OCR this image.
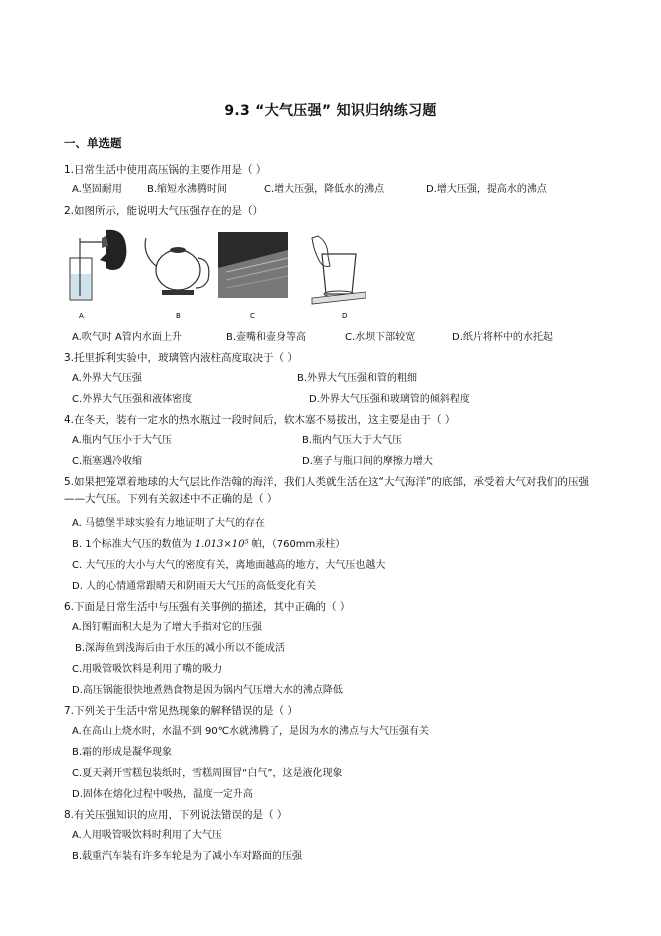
9.3 “大气压强” 知识归纳练习题
一、单选题
1.日常生活中使用高压锅的主要作用是（ ）
A.坚固耐用	B.缩短水沸腾时间	C.增大压强，降低水的沸点	D.增大压强，提高水的沸点
2.如图所示，能说明大气压强存在的是（）
A	B	C	D
A.吹气时 A管内水面上升	B.壶嘴和壶身等高	C.水坝下部较宽	D.纸片将杯中的水托起
3.托里拆利实验中，玻璃管内液柱高度取决于（ ）
A.外界大气压强	B.外界大气压强和管的粗细
C.外界大气压强和液体密度	D.外界大气压强和玻璃管的倾斜程度
4.在冬天，装有一定水的热水瓶过一段时间后，软木塞不易拔出，这主要是由于（ ）
A.瓶内气压小于大气压	B.瓶内气压大于大气压
C.瓶塞遇冷收缩	D.塞子与瓶口间的摩擦力增大
5.如果把笼罩着地球的大气层比作浩翰的海洋，我们人类就生活在这“大气海洋”的底部，承受着大气对我们的压强——大气压。下列有关叙述中不正确的是（ ）
A. 马德堡半球实验有力地证明了大气的存在
B. 1个标准大气压的数值为 1.013×10⁵ 帕，（760mm汞柱）
C. 大气压的大小与大气的密度有关，离地面越高的地方，大气压也越大
D. 人的心情通常跟晴天和阴雨天大气压的高低变化有关
6.下面是日常生活中与压强有关事例的描述，其中正确的（ ）
A.图钉帽面积大是为了增大手指对它的压强
B.深海鱼到浅海后由于水压的减小所以不能成活
C.用吸管吸饮料是利用了嘴的吸力
D.高压锅能很快地煮熟食物是因为锅内气压增大水的沸点降低
7.下列关于生活中常见热现象的解释错误的是（ ）
A.在高山上烧水时，水温不到 90℃水就沸腾了，是因为水的沸点与大气压强有关
B.霜的形成是凝华现象
C.夏天剥开雪糕包装纸时，雪糕周围冒“白气”，这是液化现象
D.固体在熔化过程中吸热，温度一定升高
8.有关压强知识的应用，下列说法错误的是（ ）
A.人用吸管吸饮料时利用了大气压
B.载重汽车装有许多车轮是为了减小车对路面的压强
